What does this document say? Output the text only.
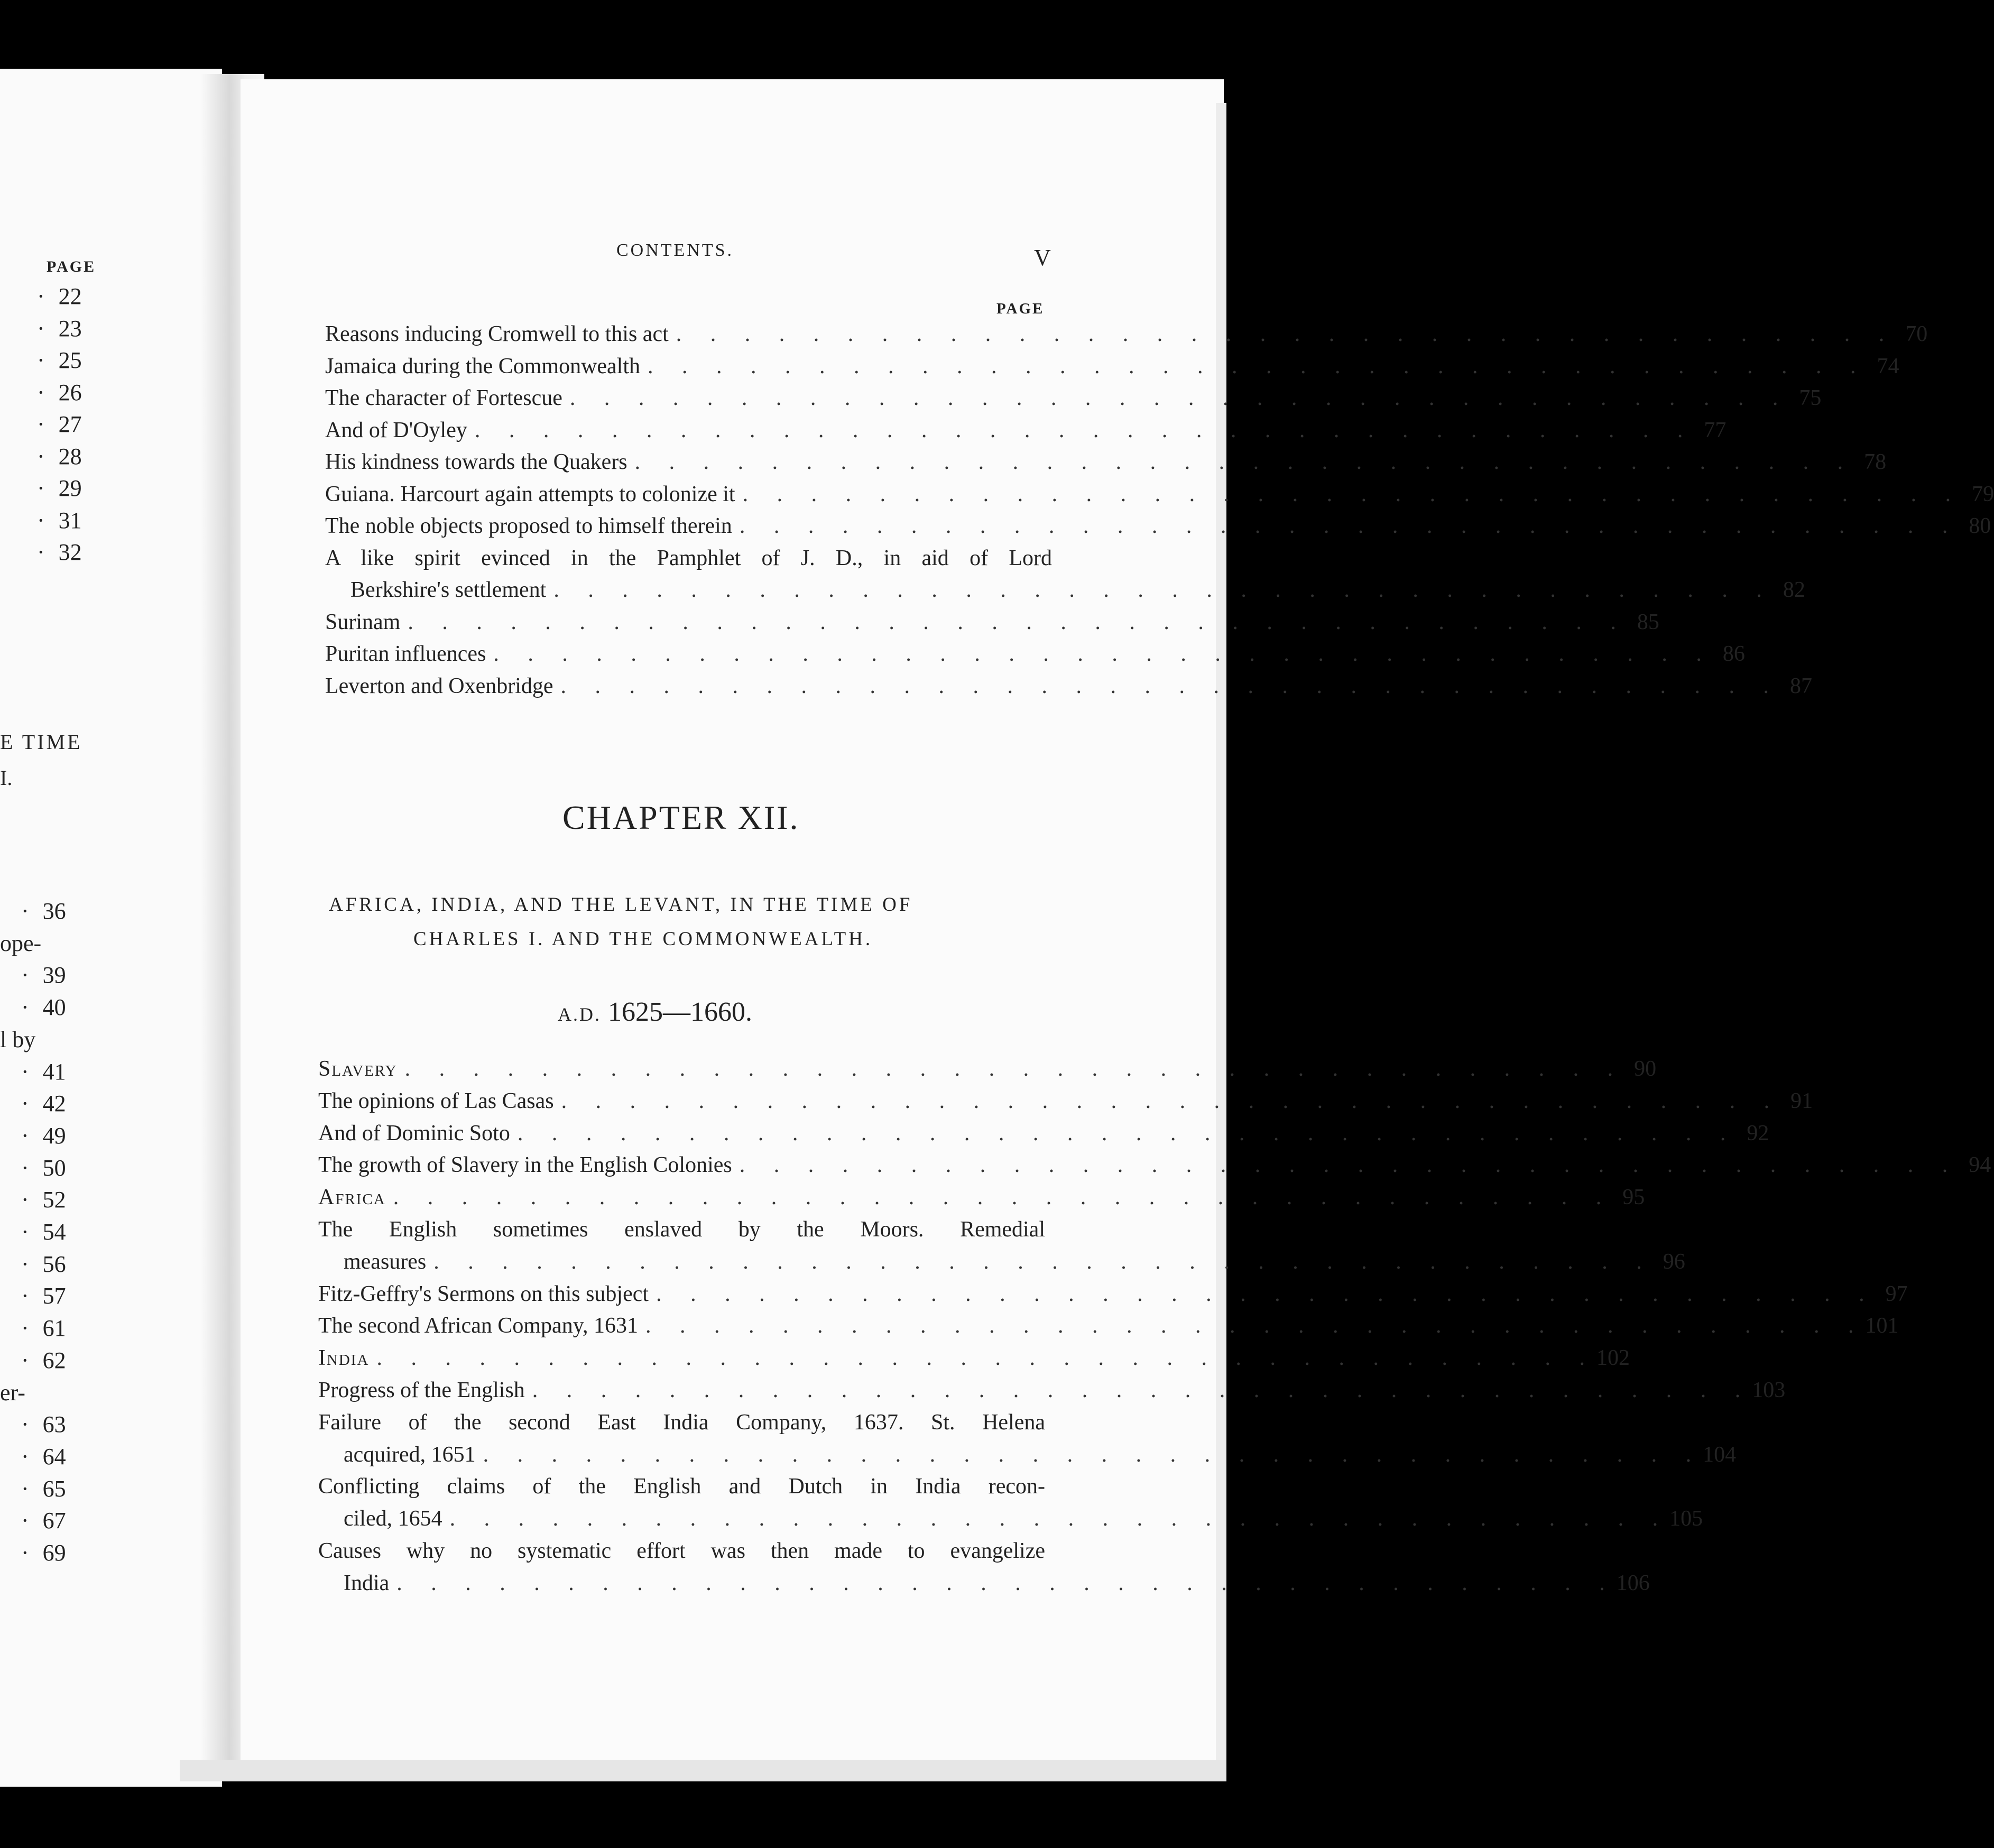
PAGE
· 22
· 23
· 25
· 26
· 27
· 28
· 29
· 31
· 32
E TIME
I.
· 36
ope-
· 39
· 40
l by
· 41
· 42
· 49
· 50
· 52
· 54
· 56
· 57
· 61
· 62
er-
· 63
· 64
· 65
· 67
· 69
CONTENTS.	V
PAGE
Reasons inducing Cromwell to this act . . . . . . . . . . . . . . . . . . . . . . . . . . . . . . . . . . . . 70
Jamaica during the Commonwealth . . . . . . . . . . . . . . . . . . . . . . . . . . . . . . . . . . . . 74
The character of Fortescue . . . . . . . . . . . . . . . . . . . . . . . . . . . . . . . . . . . . 75
And of D'Oyley . . . . . . . . . . . . . . . . . . . . . . . . . . . . . . . . . . . . 77
His kindness towards the Quakers . . . . . . . . . . . . . . . . . . . . . . . . . . . . . . . . . . . . 78
Guiana. Harcourt again attempts to colonize it . . . . . . . . . . . . . . . . . . . . . . . . . . . . . . . . . . . . 79
The noble objects proposed to himself therein . . . . . . . . . . . . . . . . . . . . . . . . . . . . . . . . . . . . 80
A like spirit evinced in the Pamphlet of J. D., in aid of Lord
Berkshire's settlement . . . . . . . . . . . . . . . . . . . . . . . . . . . . . . . . . . . . 82
Surinam . . . . . . . . . . . . . . . . . . . . . . . . . . . . . . . . . . . . 85
Puritan influences . . . . . . . . . . . . . . . . . . . . . . . . . . . . . . . . . . . . 86
Leverton and Oxenbridge . . . . . . . . . . . . . . . . . . . . . . . . . . . . . . . . . . . . 87
CHAPTER XII.
AFRICA, INDIA, AND THE LEVANT, IN THE TIME OF
CHARLES I. AND THE COMMONWEALTH.
A.D. 1625—1660.
Slavery . . . . . . . . . . . . . . . . . . . . . . . . . . . . . . . . . . . . 90
The opinions of Las Casas . . . . . . . . . . . . . . . . . . . . . . . . . . . . . . . . . . . . 91
And of Dominic Soto . . . . . . . . . . . . . . . . . . . . . . . . . . . . . . . . . . . . 92
The growth of Slavery in the English Colonies . . . . . . . . . . . . . . . . . . . . . . . . . . . . . . . . . . . . 94
Africa . . . . . . . . . . . . . . . . . . . . . . . . . . . . . . . . . . . . 95
The English sometimes enslaved by the Moors. Remedial
measures . . . . . . . . . . . . . . . . . . . . . . . . . . . . . . . . . . . . 96
Fitz-Geffry's Sermons on this subject . . . . . . . . . . . . . . . . . . . . . . . . . . . . . . . . . . . . 97
The second African Company, 1631 . . . . . . . . . . . . . . . . . . . . . . . . . . . . . . . . . . . . 101
India . . . . . . . . . . . . . . . . . . . . . . . . . . . . . . . . . . . . 102
Progress of the English . . . . . . . . . . . . . . . . . . . . . . . . . . . . . . . . . . . . 103
Failure of the second East India Company, 1637. St. Helena
acquired, 1651 . . . . . . . . . . . . . . . . . . . . . . . . . . . . . . . . . . . . 104
Conflicting claims of the English and Dutch in India recon-
ciled, 1654 . . . . . . . . . . . . . . . . . . . . . . . . . . . . . . . . . . . . 105
Causes why no systematic effort was then made to evangelize
India . . . . . . . . . . . . . . . . . . . . . . . . . . . . . . . . . . . . 106
